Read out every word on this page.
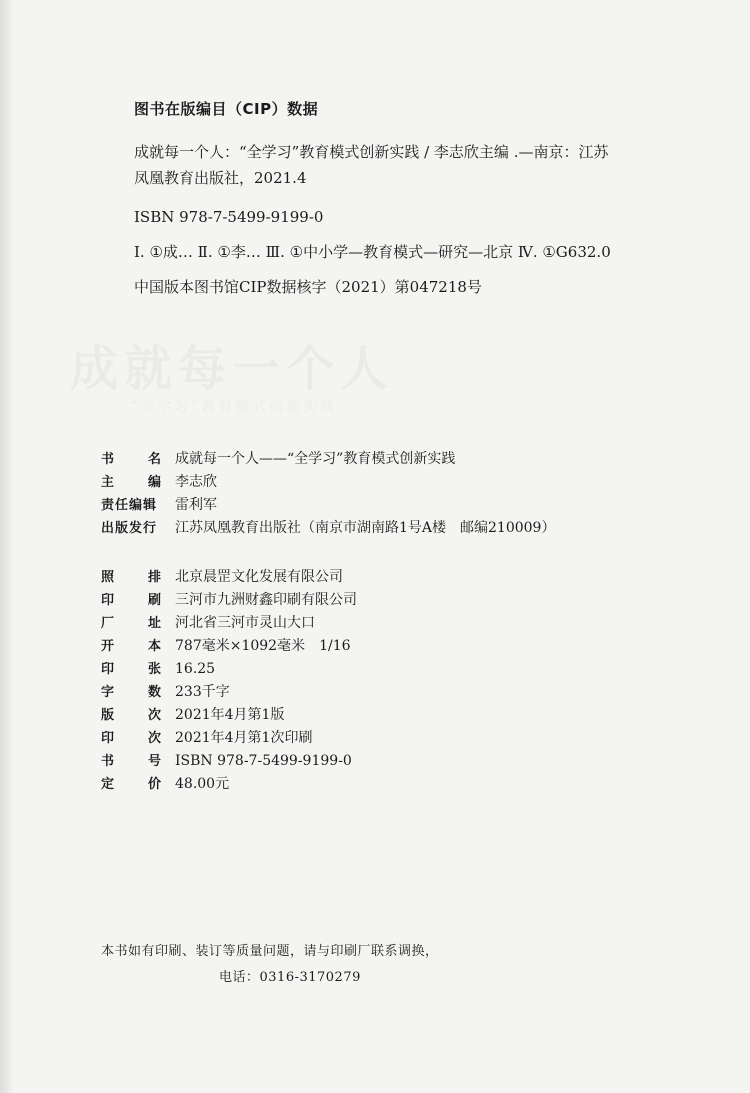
成就每一个人
“全学习”教育模式创新实践
图书在版编目（CIP）数据
成就每一个人：“全学习”教育模式创新实践 / 李志欣主编 .—南京：江苏
凤凰教育出版社，2021.4
ISBN 978-7-5499-9199-0
Ⅰ. ①成… Ⅱ. ①李… Ⅲ. ①中小学—教育模式—研究—北京 Ⅳ. ①G632.0
中国版本图书馆CIP数据核字（2021）第047218号
书	名 成就每一个人——“全学习”教育模式创新实践
主	编 李志欣
责任编辑 雷利军
出版发行 江苏凤凰教育出版社（南京市湖南路1号A楼　邮编210009）
照	排 北京晨罡文化发展有限公司
印	刷 三河市九洲财鑫印刷有限公司
厂	址 河北省三河市灵山大口
开	本 787毫米×1092毫米　1/16
印	张 16.25
字	数 233千字
版	次 2021年4月第1版
印	次 2021年4月第1次印刷
书	号 ISBN 978-7-5499-9199-0
定	价 48.00元
本书如有印刷、装订等质量问题，请与印刷厂联系调换，
电话：0316-3170279
